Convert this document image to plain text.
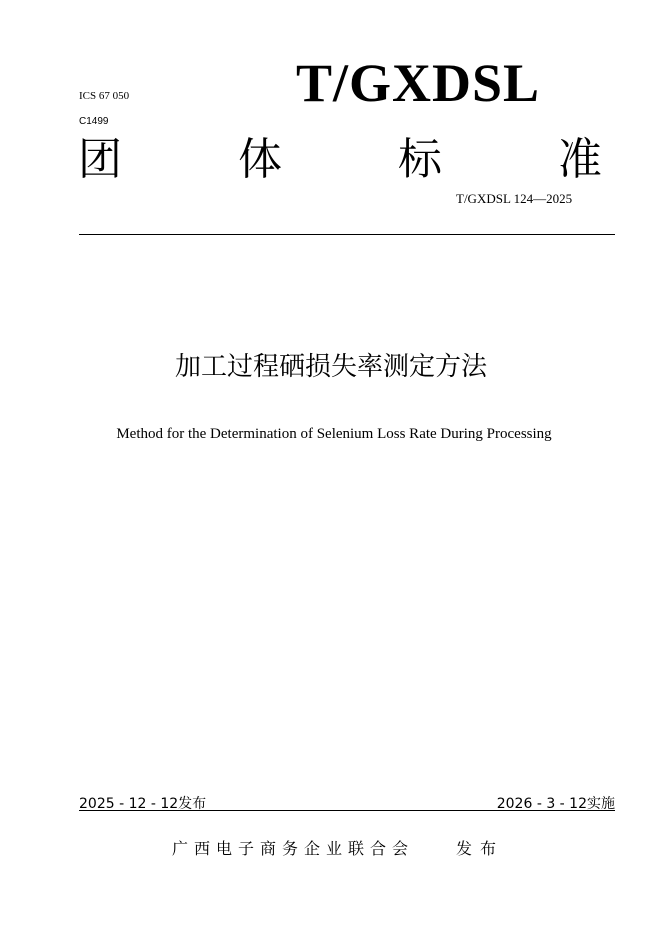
ICS 67 050
C1499
T/GXDSL
团	体	标	准
T/GXDSL 124—2025
加工过程硒损失率测定方法
Method for the Determination of Selenium Loss Rate During Processing
2025 - 12 - 12发布	2026 - 3 - 12实施
广西电子商务企业联合会	发布
